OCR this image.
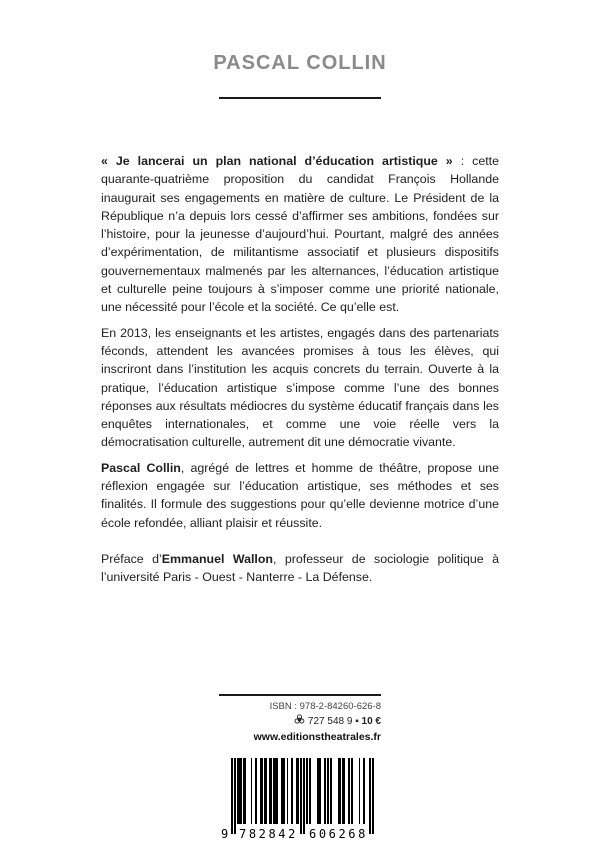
PASCAL COLLIN

« Je lancerai un plan national d’éducation artistique » : cette quarante-quatrième proposition du candidat François Hollande inaugurait ses engagements en matière de culture. Le Président de la République n’a depuis lors cessé d’affirmer ses ambitions, fondées sur l’histoire, pour la jeunesse d’aujourd’hui. Pourtant, malgré des années d’expérimentation, de militantisme associatif et plusieurs dispositifs gouvernementaux malmenés par les alternances, l’éducation artistique et culturelle peine toujours à s’imposer comme une priorité nationale, une nécessité pour l’école et la société. Ce qu’elle est.

En 2013, les enseignants et les artistes, engagés dans des partenariats féconds, attendent les avancées promises à tous les élèves, qui inscriront dans l’institution les acquis concrets du terrain. Ouverte à la pratique, l’éducation artistique s’impose comme l’une des bonnes réponses aux résultats médiocres du système éducatif français dans les enquêtes internationales, et comme une voie réelle vers la démocratisation culturelle, autrement dit une démocratie vivante.

Pascal Collin, agrégé de lettres et homme de théâtre, propose une réflexion engagée sur l’éducation artistique, ses méthodes et ses finalités. Il formule des suggestions pour qu’elle devienne motrice d’une école refondée, alliant plaisir et réussite.

Préface d’Emmanuel Wallon, professeur de sociologie politique à l’université Paris - Ouest - Nanterre - La Défense.

ISBN : 978-2-84260-626-8
727 548 9 ▪ 10 €
www.editionstheatrales.fr
9 782842 606268
